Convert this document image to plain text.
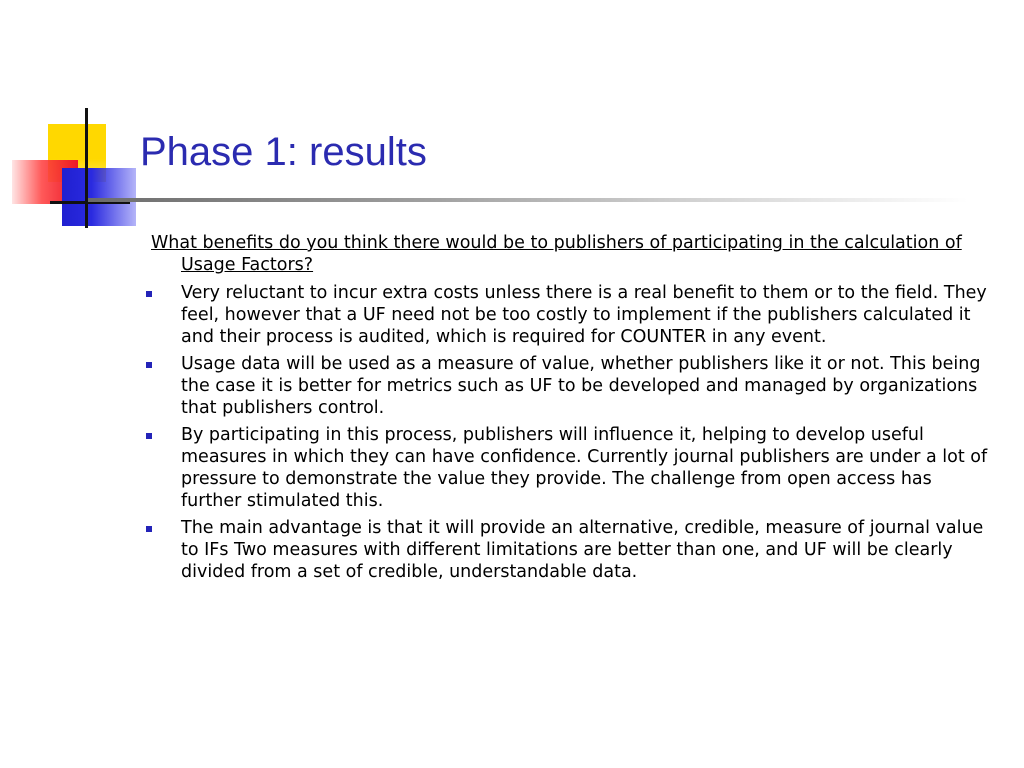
Phase 1: results

What benefits do you think there would be to publishers of participating in the calculation of Usage Factors?

Very reluctant to incur extra costs unless there is a real benefit to them or to the field. They feel, however that a UF need not be too costly to implement if the publishers calculated it and their process is audited, which is required for COUNTER in any event.
Usage data will be used as a measure of value, whether publishers like it or not. This being the case it is better for metrics such as UF to be developed and managed by organizations that publishers control.
By participating in this process, publishers will influence it, helping to develop useful measures in which they can have confidence. Currently journal publishers are under a lot of pressure to demonstrate the value they provide. The challenge from open access has further stimulated this.
The main advantage is that it will provide an alternative, credible, measure of journal value to IFs Two measures with different limitations are better than one, and UF will be clearly divided from a set of credible, understandable data.
